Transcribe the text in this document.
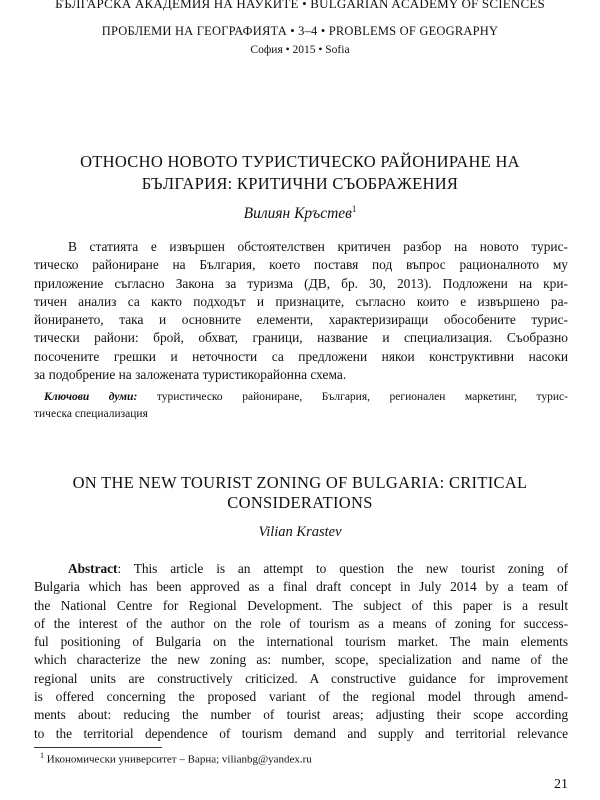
БЪЛГАРСКА АКАДЕМИЯ НА НАУКИТЕ • BULGARIAN ACADEMY OF SCIENCES
ПРОБЛЕМИ НА ГЕОГРАФИЯТА • 3–4 • PROBLEMS OF GEOGRAPHY
София • 2015 • Sofia
ОТНОСНО НОВОТО ТУРИСТИЧЕСКО РАЙОНИРАНЕ НА
БЪЛГАРИЯ: КРИТИЧНИ СЪОБРАЖЕНИЯ
Вилиян Кръстев$^1$
В статията е извършен обстоятелствен критичен разбор на новото турис-
тическо райониране на България, което поставя под въпрос рационалното му
приложение съгласно Закона за туризма (ДВ, бр. 30, 2013). Подложени на кри-
тичен анализ са както подходът и признаците, съгласно които е извършено ра-
йонирането, така и основните елементи, характеризиращи обособените турис-
тически райони: брой, обхват, граници, название и специализация. Съобразно
посочените грешки и неточности са предложени някои конструктивни насоки
за подобрение на заложената туристикорайонна схема.
Ключови думи: туристическо райониране, България, регионален маркетинг, турис-
тическа специализация
ON THE NEW TOURIST ZONING OF BULGARIA: CRITICAL
CONSIDERATIONS
Vilian Krastev
Abstract: This article is an attempt to question the new tourist zoning of
Bulgaria which has been approved as a final draft concept in July 2014 by a team of
the National Centre for Regional Development. The subject of this paper is a result
of the interest of the author on the role of tourism as a means of zoning for success-
ful positioning of Bulgaria on the international tourism market. The main elements
which characterize the new zoning as: number, scope, specialization and name of the
regional units are constructively criticized. A constructive guidance for improvement
is offered concerning the proposed variant of the regional model through amend-
ments about: reducing the number of tourist areas; adjusting their scope according
to the territorial dependence of tourism demand and supply and territorial relevance
$^1$ Икономически университет – Варна; vilianbg@yandex.ru
21
